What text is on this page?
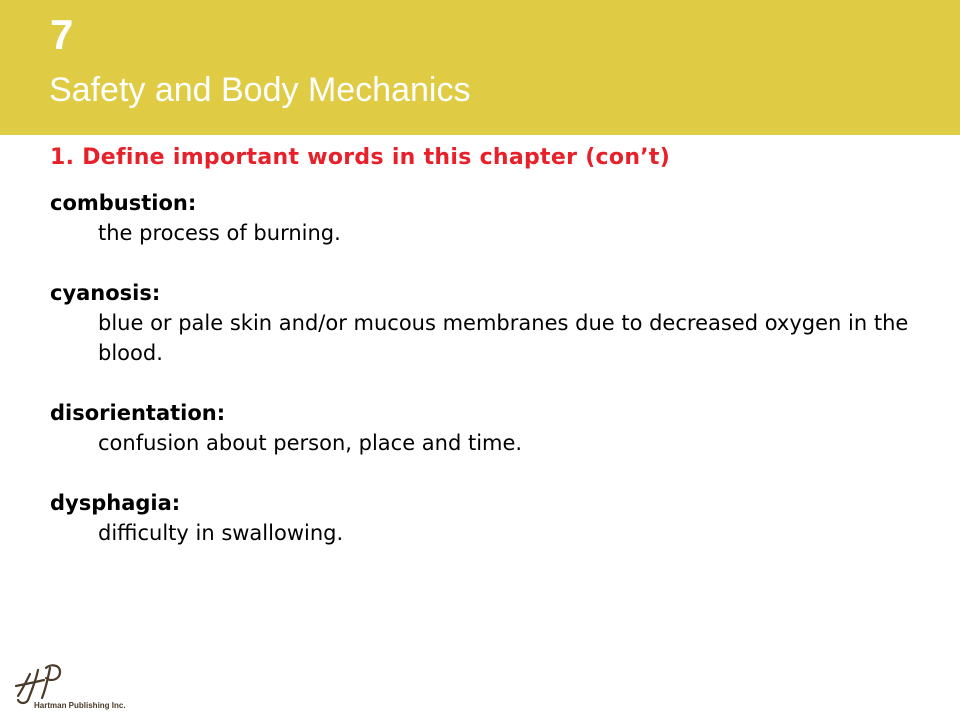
7
Safety and Body Mechanics
1. Define important words in this chapter (con’t)
combustion:
the process of burning.
cyanosis:
blue or pale skin and/or mucous membranes due to decreased oxygen in the blood.
disorientation:
confusion about person, place and time.
dysphagia:
difficulty in swallowing.
Hartman Publishing Inc.
